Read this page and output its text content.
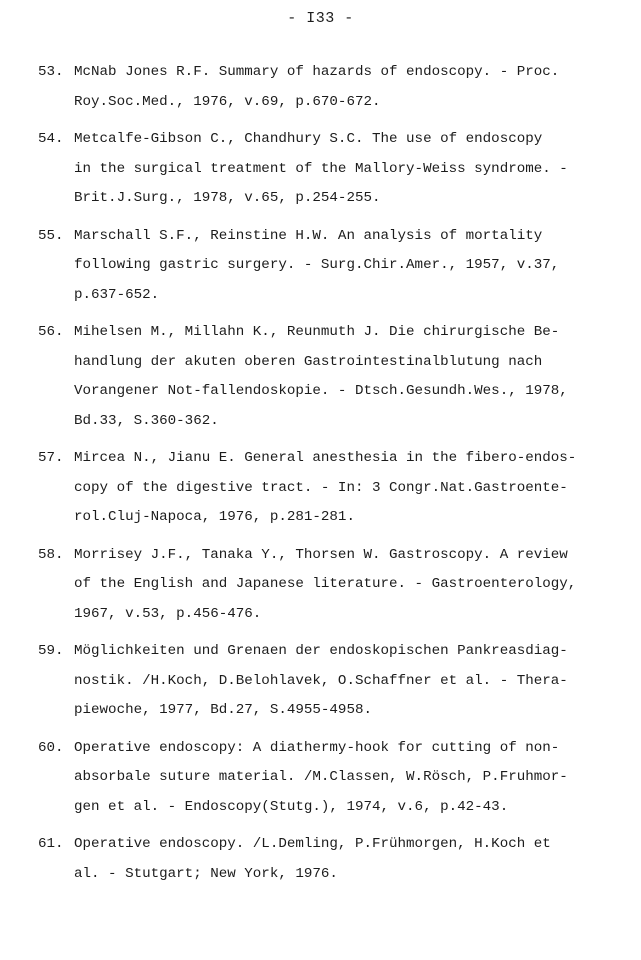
- I33 -
53. McNab Jones R.F. Summary of hazards of endoscopy. - Proc.
Roy.Soc.Med., 1976, v.69, p.670-672.
54. Metcalfe-Gibson C., Chandhury S.C. The use of endoscopy
in the surgical treatment of the Mallory-Weiss syndrome. -
Brit.J.Surg., 1978, v.65, p.254-255.
55. Marschall S.F., Reinstine H.W. An analysis of mortality
following gastric surgery. - Surg.Chir.Amer., 1957, v.37,
p.637-652.
56. Mihelsen M., Millahn K., Reunmuth J. Die chirurgische Be-
handlung der akuten oberen Gastrointestinalblutung nach
Vorangener Not-fallendoskopie. - Dtsch.Gesundh.Wes., 1978,
Bd.33, S.360-362.
57. Mircea N., Jianu E. General anesthesia in the fibero-endos-
copy of the digestive tract. - In: 3 Congr.Nat.Gastroente-
rol.Cluj-Napoca, 1976, p.281-281.
58. Morrisey J.F., Tanaka Y., Thorsen W. Gastroscopy. A review
of the English and Japanese literature. - Gastroenterology,
1967, v.53, p.456-476.
59. Möglichkeiten und Grenaen der endoskopischen Pankreasdiag-
nostik. /H.Koch, D.Belohlavek, O.Schaffner et al. - Thera-
piewoche, 1977, Bd.27, S.4955-4958.
60. Operative endoscopy: A diathermy-hook for cutting of non-
absorbale suture material. /M.Classen, W.Rösch, P.Fruhmor-
gen et al. - Endoscopy(Stutg.), 1974, v.6, p.42-43.
61. Operative endoscopy. /L.Demling, P.Frühmorgen, H.Koch et
al. - Stutgart; New York, 1976.
